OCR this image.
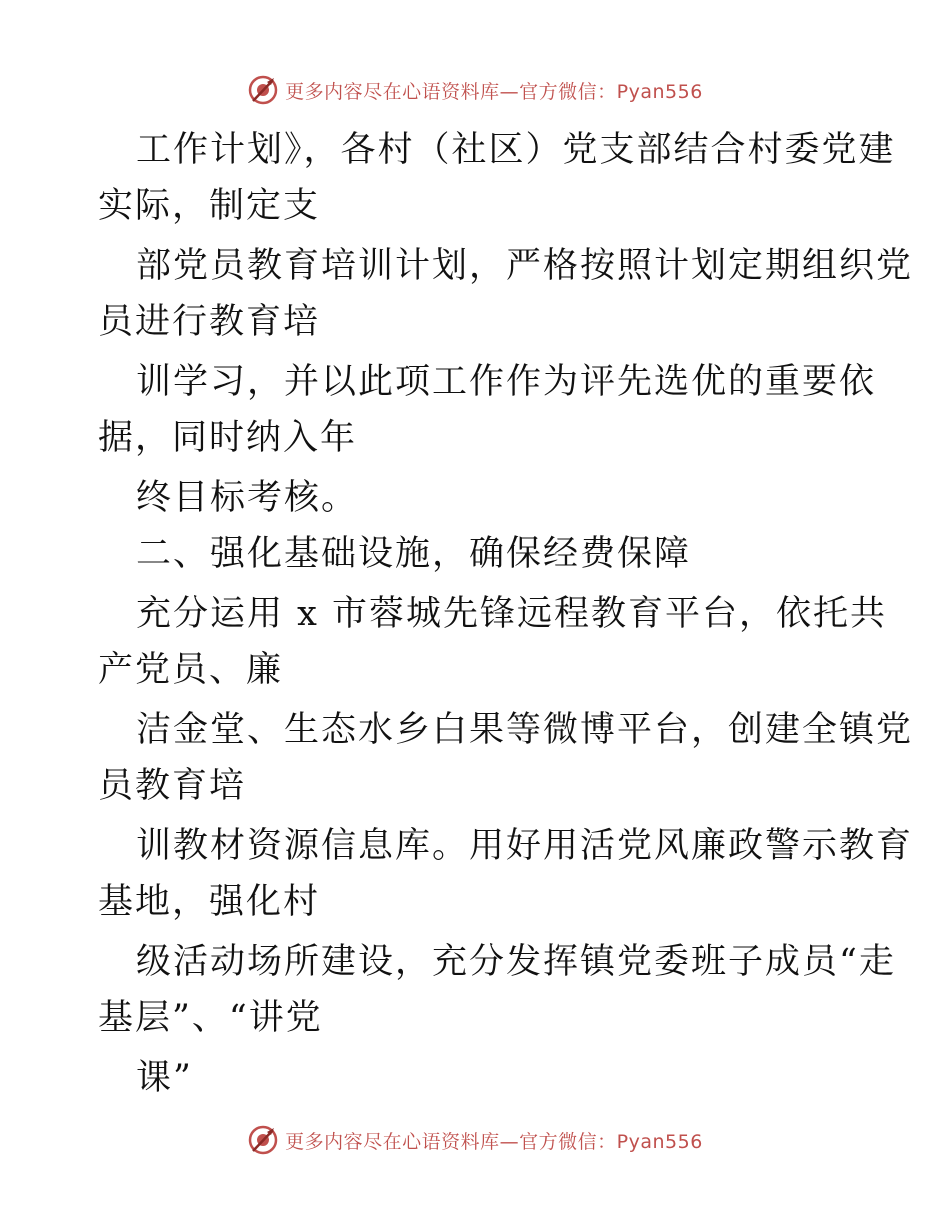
更多内容尽在心语资料库—官方微信：Pyan556
工作计划》，各村（社区）党支部结合村委党建
实际，制定支
部党员教育培训计划，严格按照计划定期组织党
员进行教育培
训学习，并以此项工作作为评先选优的重要依
据，同时纳入年
终目标考核。
二、强化基础设施，确保经费保障
充分运用 x 市蓉城先锋远程教育平台，依托共
产党员、廉
洁金堂、生态水乡白果等微博平台，创建全镇党
员教育培
训教材资源信息库。用好用活党风廉政警示教育
基地，强化村
级活动场所建设，充分发挥镇党委班子成员“走
基层”、“讲党
课”
更多内容尽在心语资料库—官方微信：Pyan556
